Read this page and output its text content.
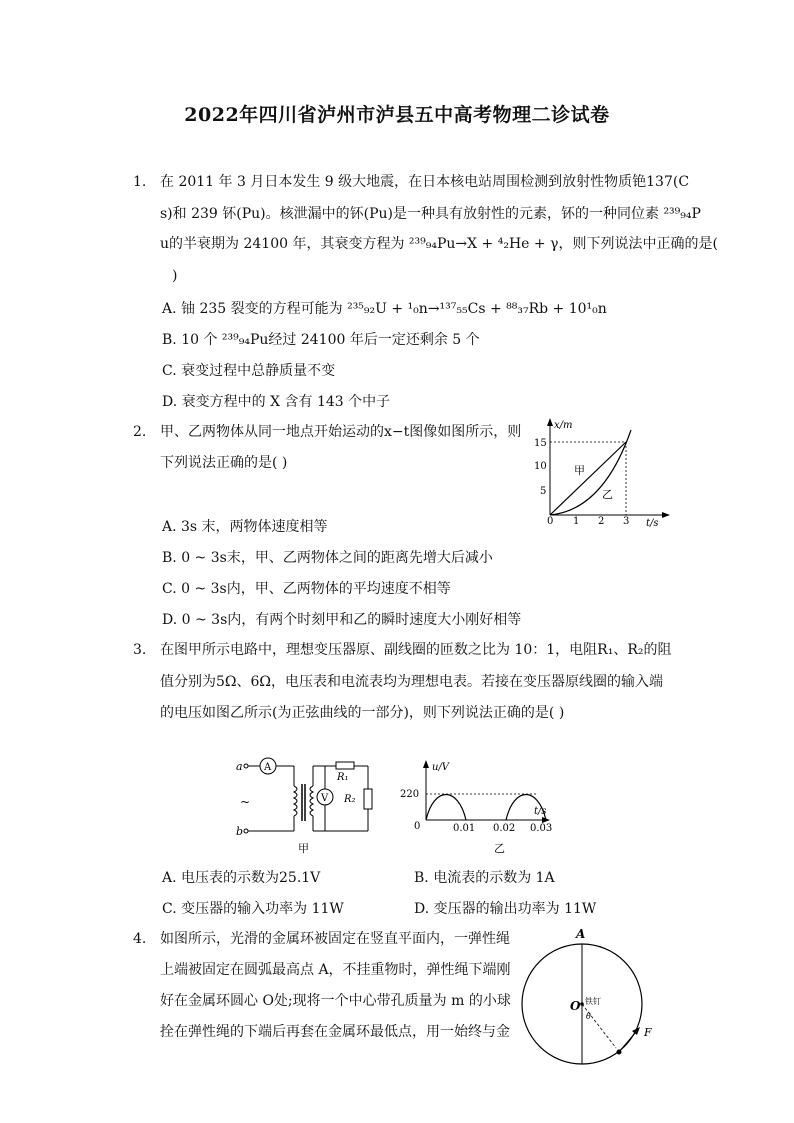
2022年四川省泸州市泸县五中高考物理二诊试卷
1. 在 2011 年 3 月日本发生 9 级大地震，在日本核电站周围检测到放射性物质铯137(C
s)和 239 钚(Pu)。核泄漏中的钚(Pu)是一种具有放射性的元素，钚的一种同位素 ²³⁹₉₄P
u的半衰期为 24100 年，其衰变方程为 ²³⁹₉₄Pu→X + ⁴₂He + γ，则下列说法中正确的是(
)
A. 铀 235 裂变的方程可能为 ²³⁵₉₂U + ¹₀n→¹³⁷₅₅Cs + ⁸⁸₃₇Rb + 10¹₀n
B. 10 个 ²³⁹₉₄Pu经过 24100 年后一定还剩余 5 个
C. 衰变过程中总静质量不变
D. 衰变方程中的 X 含有 143 个中子
2. 甲、乙两物体从同一地点开始运动的x−t图像如图所示，则
下列说法正确的是( )
A. 3s 末，两物体速度相等
B. 0 ~ 3s末，甲、乙两物体之间的距离先增大后减小
C. 0 ~ 3s内，甲、乙两物体的平均速度不相等
D. 0 ~ 3s内，有两个时刻甲和乙的瞬时速度大小刚好相等
x/m
t/s
5
10
15
0 1 2 3
甲
乙
3. 在图甲所示电路中，理想变压器原、副线圈的匝数之比为 10：1，电阻R₁、R₂的阻
值分别为5Ω、6Ω，电压表和电流表均为理想电表。若接在变压器原线圈的输入端
的电压如图乙所示(为正弦曲线的一部分)，则下列说法正确的是( )
a A
~
b
V
R₁
R₂
甲
u/V
t/s
220
0	0.01 0.02 0.03
乙
A. 电压表的示数为25.1V	B. 电流表的示数为 1A
C. 变压器的输入功率为 11W	D. 变压器的输出功率为 11W
4. 如图所示，光滑的金属环被固定在竖直平面内，一弹性绳
上端被固定在圆弧最高点 A，不挂重物时，弹性绳下端刚
好在金属环圆心 O处;现将一个中心带孔质量为 m 的小球
拴在弹性绳的下端后再套在金属环最低点，用一始终与金
A
O 铁钉
θ
F
